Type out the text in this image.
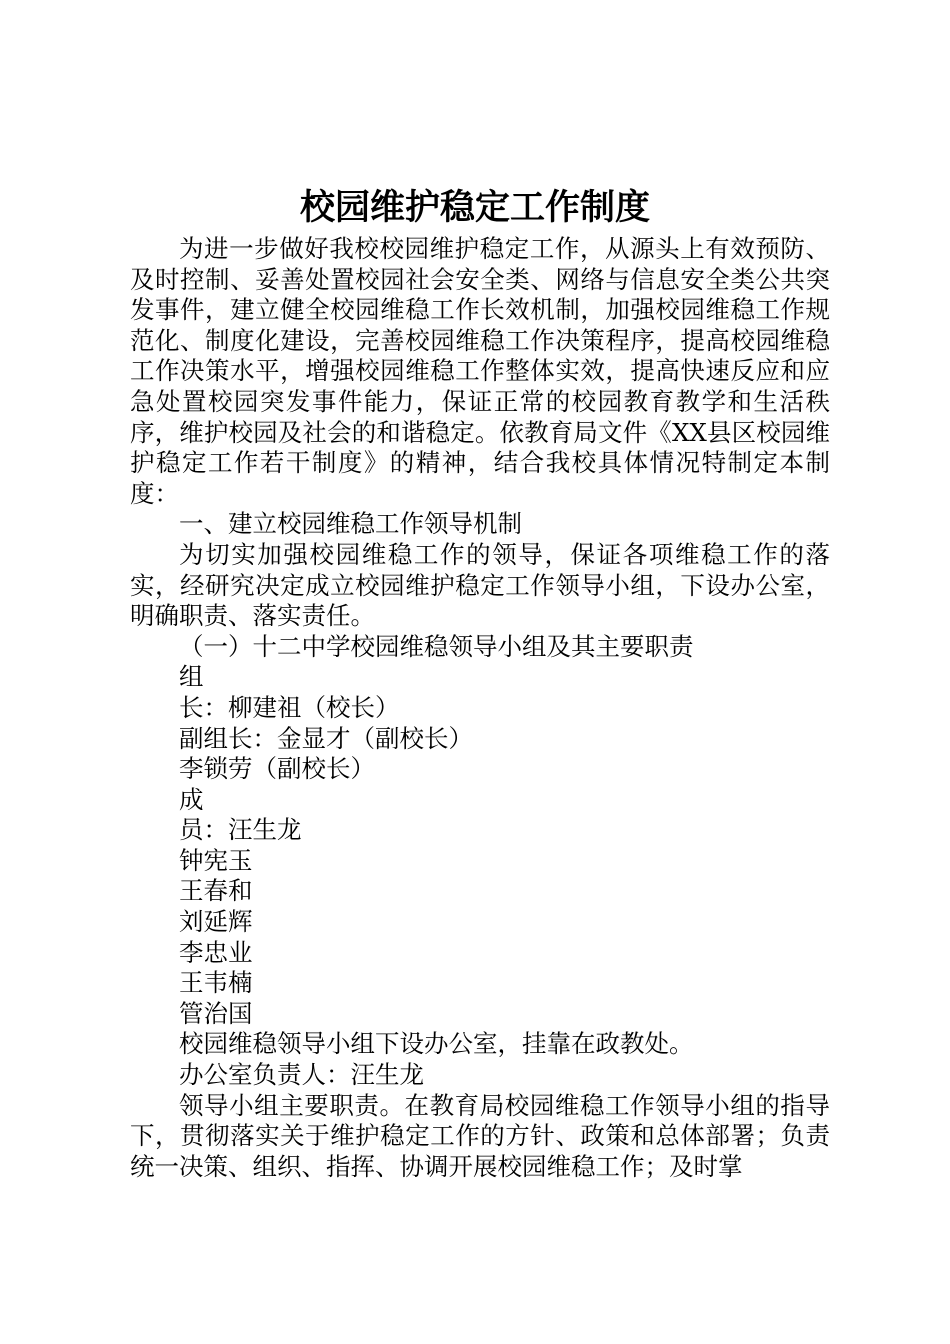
校园维护稳定工作制度

为进一步做好我校校园维护稳定工作，从源头上有效预防、及时控制、妥善处置校园社会安全类、网络与信息安全类公共突发事件，建立健全校园维稳工作长效机制，加强校园维稳工作规范化、制度化建设，完善校园维稳工作决策程序，提高校园维稳工作决策水平，增强校园维稳工作整体实效，提高快速反应和应急处置校园突发事件能力，保证正常的校园教育教学和生活秩序，维护校园及社会的和谐稳定。依教育局文件《XX县区校园维护稳定工作若干制度》的精神，结合我校具体情况特制定本制度：

一、建立校园维稳工作领导机制

为切实加强校园维稳工作的领导，保证各项维稳工作的落实，经研究决定成立校园维护稳定工作领导小组，下设办公室，明确职责、落实责任。

（一）十二中学校园维稳领导小组及其主要职责

组

长：柳建祖（校长）

副组长：金显才（副校长）

李锁劳（副校长）

成

员：汪生龙

钟宪玉

王春和

刘延辉

李忠业

王韦楠

管治国

校园维稳领导小组下设办公室，挂靠在政教处。

办公室负责人：汪生龙

领导小组主要职责。在教育局校园维稳工作领导小组的指导下，贯彻落实关于维护稳定工作的方针、政策和总体部署；负责统一决策、组织、指挥、协调开展校园维稳工作；及时掌
